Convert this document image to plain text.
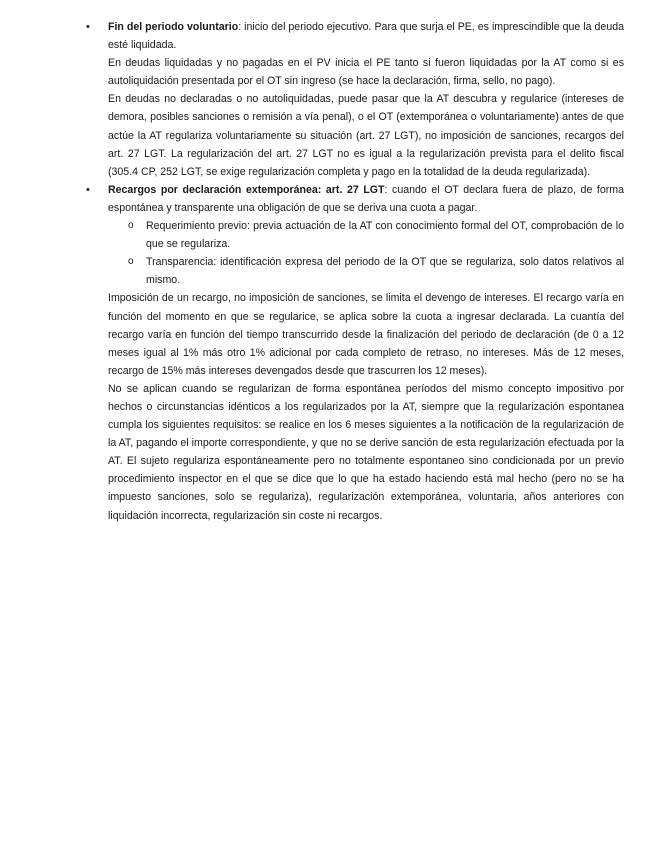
• Fin del periodo voluntario: inicio del periodo ejecutivo. Para que surja el PE, es imprescindible que la deuda esté liquidada.

En deudas liquidadas y no pagadas en el PV inicia el PE tanto si fueron liquidadas por la AT como si es autoliquidación presentada por el OT sin ingreso (se hace la declaración, firma, sello, no pago).

En deudas no declaradas o no autoliquidadas, puede pasar que la AT descubra y regularice (intereses de demora, posibles sanciones o remisión a vía penal), o el OT (extemporánea o voluntariamente) antes de que actúe la AT regulariza voluntariamente su situación (art. 27 LGT), no imposición de sanciones, recargos del art. 27 LGT. La regularización del art. 27 LGT no es igual a la regularización prevista para el delito fiscal (305.4 CP, 252 LGT, se exige regularización completa y pago en la totalidad de la deuda regularizada).

• Recargos por declaración extemporánea: art. 27 LGT: cuando el OT declara fuera de plazo, de forma espontánea y transparente una obligación de que se deriva una cuota a pagar.

o Requerimiento previo: previa actuación de la AT con conocimiento formal del OT, comprobación de lo que se regulariza.
o Transparencia: identificación expresa del periodo de la OT que se regulariza, solo datos relativos al mismo.

Imposición de un recargo, no imposición de sanciones, se limita el devengo de intereses. El recargo varía en función del momento en que se regularice, se aplica sobre la cuota a ingresar declarada. La cuantía del recargo varía en función del tiempo transcurrido desde la finalización del periodo de declaración (de 0 a 12 meses igual al 1% más otro 1% adicional por cada completo de retraso, no intereses. Más de 12 meses, recargo de 15% más intereses devengados desde que trascurren los 12 meses).

No se aplican cuando se regularizan de forma espontánea períodos del mismo concepto impositivo por hechos o circunstancias idénticos a los regularizados por la AT, siempre que la regularización espontanea cumpla los siguientes requisitos: se realice en los 6 meses siguientes a la notificación de la regularización de la AT, pagando el importe correspondiente, y que no se derive sanción de esta regularización efectuada por la AT. El sujeto regulariza espontáneamente pero no totalmente espontaneo sino condicionada por un previo procedimiento inspector en el que se dice que lo que ha estado haciendo está mal hecho (pero no se ha impuesto sanciones, solo se regulariza), regularización extemporánea, voluntaria, años anteriores con liquidación incorrecta, regularización sin coste ni recargos.
